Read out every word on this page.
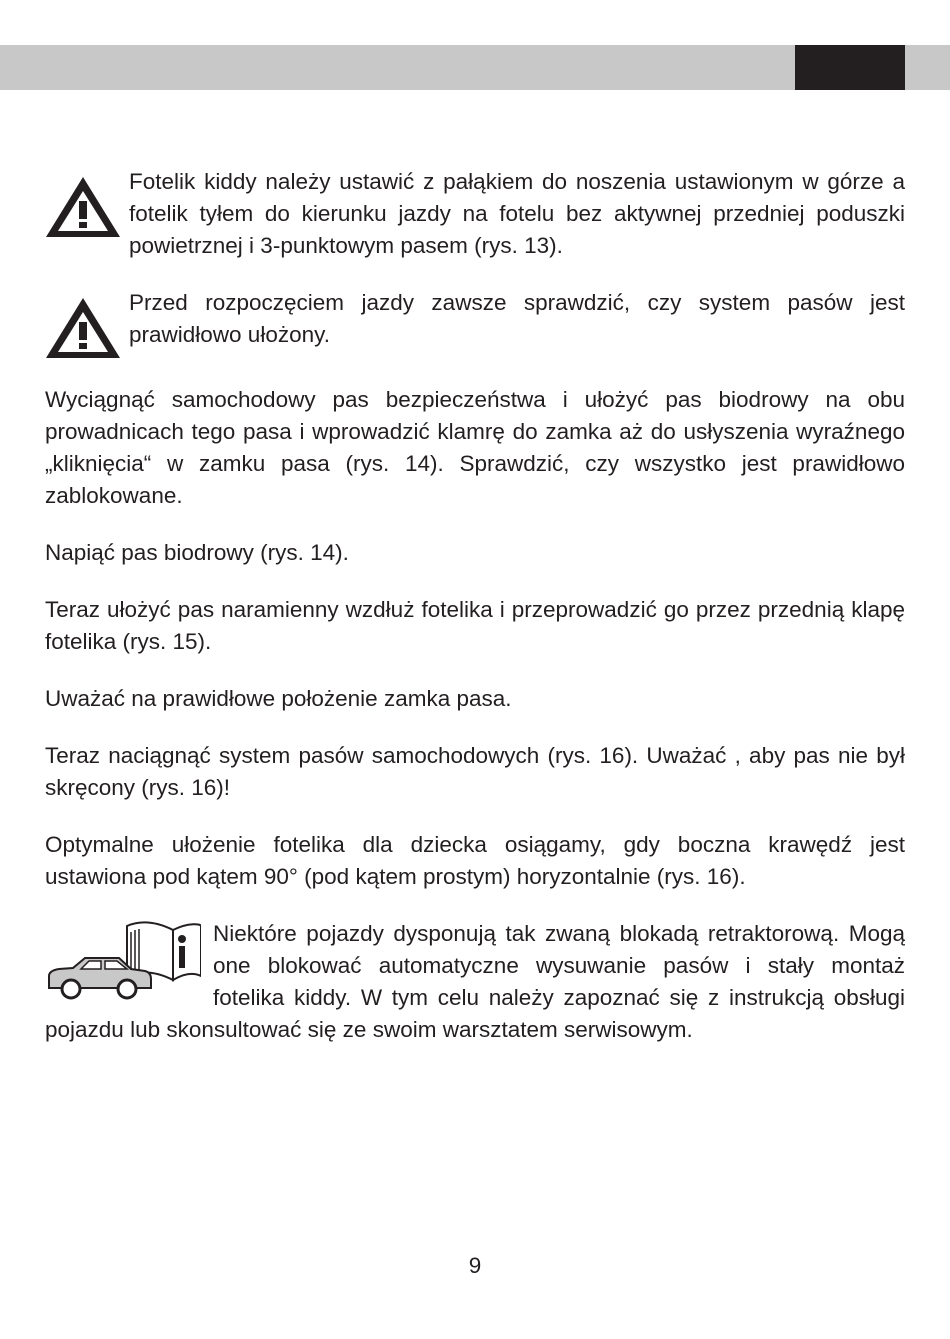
Fotelik kiddy należy ustawić z pałąkiem do noszenia ustawionym w górze a fotelik tyłem do kierunku jazdy na fotelu bez aktywnej przedniej poduszki powietrznej i 3-punktowym pasem (rys. 13).
Przed rozpoczęciem jazdy zawsze sprawdzić, czy system pasów jest prawidłowo ułożony.

Wyciągnąć samochodowy pas bezpieczeństwa i ułożyć pas biodrowy na obu prowadnicach tego pasa i wprowadzić klamrę do zamka aż do usłyszenia wyraźnego „kliknięcia“ w zamku pasa (rys. 14). Sprawdzić, czy wszystko jest prawidłowo zablokowane.

Napiąć pas biodrowy (rys. 14).

Teraz ułożyć pas naramienny wzdłuż fotelika i przeprowadzić go przez przednią klapę fotelika (rys. 15).

Uważać na prawidłowe położenie zamka pasa.

Teraz naciągnąć system pasów samochodowych (rys. 16). Uważać , aby pas nie był skręcony (rys. 16)!

Optymalne ułożenie fotelika dla dziecka osiągamy, gdy boczna krawędź jest ustawiona pod kątem 90° (pod kątem prostym) horyzontalnie (rys. 16).

Niektóre pojazdy dysponują tak zwaną blokadą retraktorową. Mogą one blokować automatyczne wysuwanie pasów i stały montaż fotelika kiddy. W tym celu należy zapoznać się z instrukcją obsługi pojazdu lub skonsultować się ze swoim warsztatem serwisowym.
9
